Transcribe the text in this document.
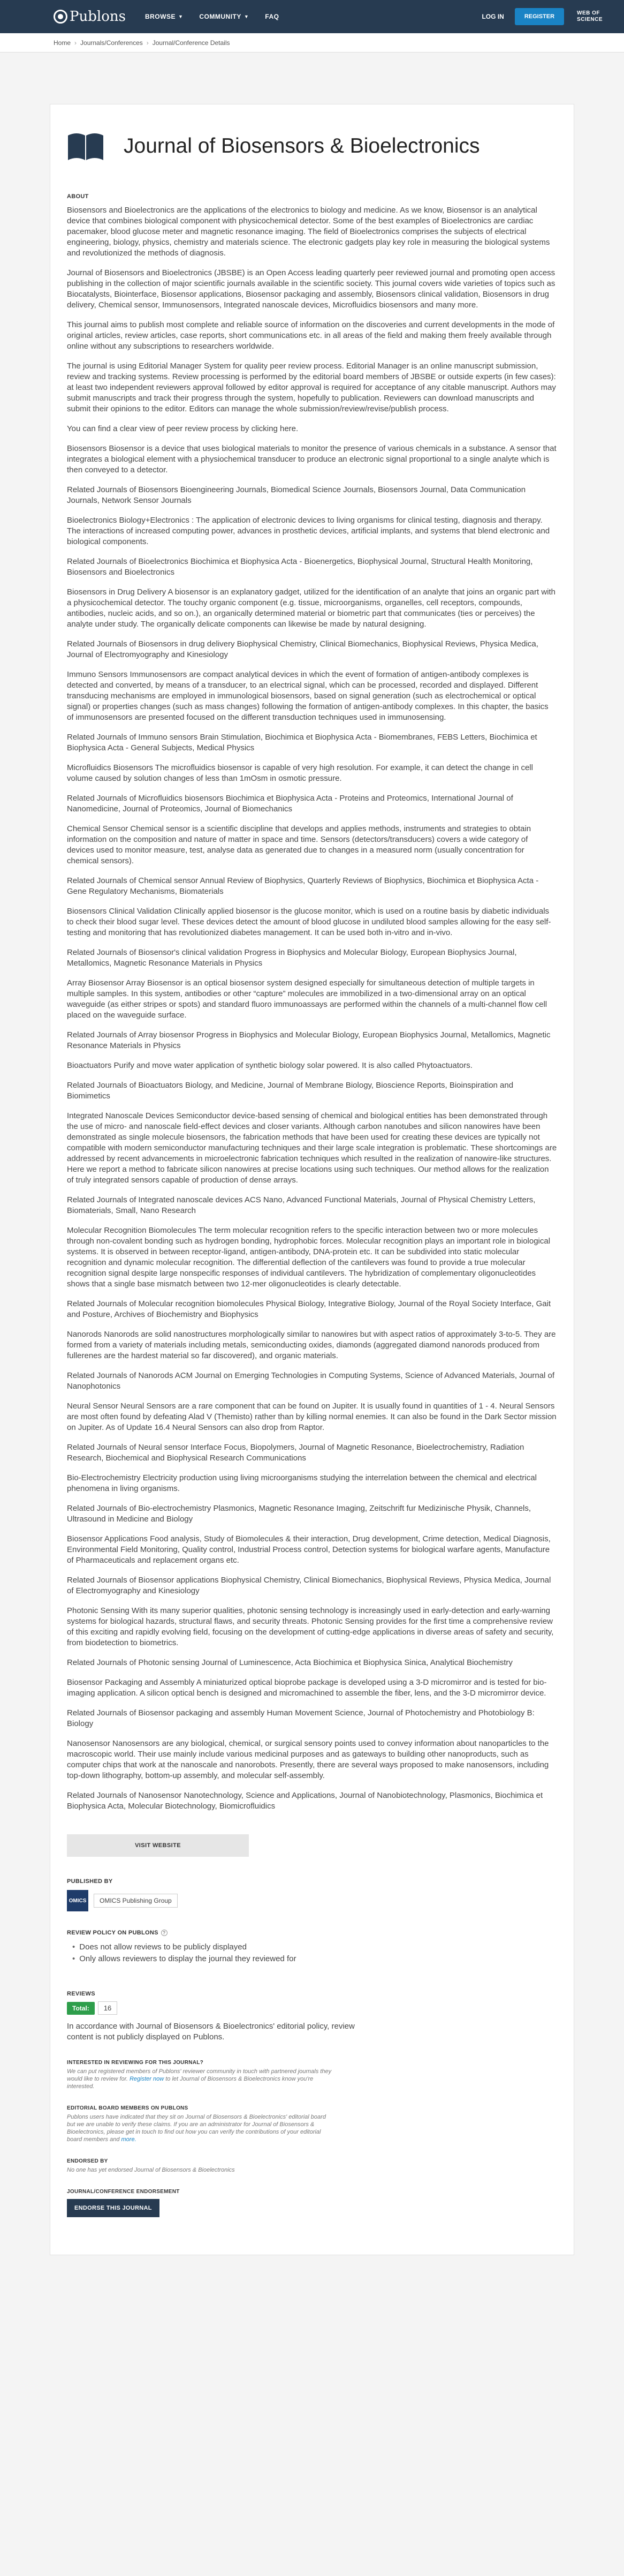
Publons	BROWSE ▼	COMMUNITY ▼	FAQ	LOG IN	REGISTER
WEB OF
SCIENCE
Home › Journals/Conferences › Journal/Conference Details
Journal of Biosensors & Bioelectronics
ABOUT

Biosensors and Bioelectronics are the applications of the electronics to biology and medicine. As we know, Biosensor is an analytical device that combines biological component with physicochemical detector. Some of the best examples of Bioelectronics are cardiac pacemaker, blood glucose meter and magnetic resonance imaging. The field of Bioelectronics comprises the subjects of electrical engineering, biology, physics, chemistry and materials science. The electronic gadgets play key role in measuring the biological systems and revolutionized the methods of diagnosis.

Journal of Biosensors and Bioelectronics (JBSBE) is an Open Access leading quarterly peer reviewed journal and promoting open access publishing in the collection of major scientific journals available in the scientific society. This journal covers wide varieties of topics such as Biocatalysts, Biointerface, Biosensor applications, Biosensor packaging and assembly, Biosensors clinical validation, Biosensors in drug delivery, Chemical sensor, Immunosensors, Integrated nanoscale devices, Microfluidics biosensors and many more.

This journal aims to publish most complete and reliable source of information on the discoveries and current developments in the mode of original articles, review articles, case reports, short communications etc. in all areas of the field and making them freely available through online without any subscriptions to researchers worldwide.

The journal is using Editorial Manager System for quality peer review process. Editorial Manager is an online manuscript submission, review and tracking systems. Review processing is performed by the editorial board members of JBSBE or outside experts (in few cases): at least two independent reviewers approval followed by editor approval is required for acceptance of any citable manuscript. Authors may submit manuscripts and track their progress through the system, hopefully to publication. Reviewers can download manuscripts and submit their opinions to the editor. Editors can manage the whole submission/review/revise/publish process.

You can find a clear view of peer review process by clicking here.

Biosensors Biosensor is a device that uses biological materials to monitor the presence of various chemicals in a substance. A sensor that integrates a biological element with a physiochemical transducer to produce an electronic signal proportional to a single analyte which is then conveyed to a detector.

Related Journals of Biosensors Bioengineering Journals, Biomedical Science Journals, Biosensors Journal, Data Communication Journals, Network Sensor Journals

Bioelectronics Biology+Electronics : The application of electronic devices to living organisms for clinical testing, diagnosis and therapy. The interactions of increased computing power, advances in prosthetic devices, artificial implants, and systems that blend electronic and biological components.

Related Journals of Bioelectronics Biochimica et Biophysica Acta - Bioenergetics, Biophysical Journal, Structural Health Monitoring, Biosensors and Bioelectronics

Biosensors in Drug Delivery A biosensor is an explanatory gadget, utilized for the identification of an analyte that joins an organic part with a physicochemical detector. The touchy organic component (e.g. tissue, microorganisms, organelles, cell receptors, compounds, antibodies, nucleic acids, and so on.), an organically determined material or biometric part that communicates (ties or perceives) the analyte under study. The organically delicate components can likewise be made by natural designing.

Related Journals of Biosensors in drug delivery Biophysical Chemistry, Clinical Biomechanics, Biophysical Reviews, Physica Medica, Journal of Electromyography and Kinesiology

Immuno Sensors Immunosensors are compact analytical devices in which the event of formation of antigen-antibody complexes is detected and converted, by means of a transducer, to an electrical signal, which can be processed, recorded and displayed. Different transducing mechanisms are employed in immunological biosensors, based on signal generation (such as electrochemical or optical signal) or properties changes (such as mass changes) following the formation of antigen-antibody complexes. In this chapter, the basics of immunosensors are presented focused on the different transduction techniques used in immunosensing.

Related Journals of Immuno sensors Brain Stimulation, Biochimica et Biophysica Acta - Biomembranes, FEBS Letters, Biochimica et Biophysica Acta - General Subjects, Medical Physics

Microfluidics Biosensors The microfluidics biosensor is capable of very high resolution. For example, it can detect the change in cell volume caused by solution changes of less than 1mOsm in osmotic pressure.

Related Journals of Microfluidics biosensors Biochimica et Biophysica Acta - Proteins and Proteomics, International Journal of Nanomedicine, Journal of Proteomics, Journal of Biomechanics

Chemical Sensor Chemical sensor is a scientific discipline that develops and applies methods, instruments and strategies to obtain information on the composition and nature of matter in space and time. Sensors (detectors/transducers) covers a wide category of devices used to monitor measure, test, analyse data as generated due to changes in a measured norm (usually concentration for chemical sensors).

Related Journals of Chemical sensor Annual Review of Biophysics, Quarterly Reviews of Biophysics, Biochimica et Biophysica Acta - Gene Regulatory Mechanisms, Biomaterials

Biosensors Clinical Validation Clinically applied biosensor is the glucose monitor, which is used on a routine basis by diabetic individuals to check their blood sugar level. These devices detect the amount of blood glucose in undiluted blood samples allowing for the easy self-testing and monitoring that has revolutionized diabetes management. It can be used both in-vitro and in-vivo.

Related Journals of Biosensor's clinical validation Progress in Biophysics and Molecular Biology, European Biophysics Journal, Metallomics, Magnetic Resonance Materials in Physics

Array Biosensor Array Biosensor is an optical biosensor system designed especially for simultaneous detection of multiple targets in multiple samples. In this system, antibodies or other “capture” molecules are immobilized in a two-dimensional array on an optical waveguide (as either stripes or spots) and standard fluoro immunoassays are performed within the channels of a multi-channel flow cell placed on the waveguide surface.

Related Journals of Array biosensor Progress in Biophysics and Molecular Biology, European Biophysics Journal, Metallomics, Magnetic Resonance Materials in Physics

Bioactuators Purify and move water application of synthetic biology solar powered. It is also called Phytoactuators.

Related Journals of Bioactuators Biology, and Medicine, Journal of Membrane Biology, Bioscience Reports, Bioinspiration and Biomimetics

Integrated Nanoscale Devices Semiconductor device-based sensing of chemical and biological entities has been demonstrated through the use of micro- and nanoscale field-effect devices and closer variants. Although carbon nanotubes and silicon nanowires have been demonstrated as single molecule biosensors, the fabrication methods that have been used for creating these devices are typically not compatible with modern semiconductor manufacturing techniques and their large scale integration is problematic. These shortcomings are addressed by recent advancements in microelectronic fabrication techniques which resulted in the realization of nanowire-like structures. Here we report a method to fabricate silicon nanowires at precise locations using such techniques. Our method allows for the realization of truly integrated sensors capable of production of dense arrays.

Related Journals of Integrated nanoscale devices ACS Nano, Advanced Functional Materials, Journal of Physical Chemistry Letters, Biomaterials, Small, Nano Research

Molecular Recognition Biomolecules The term molecular recognition refers to the specific interaction between two or more molecules through non-covalent bonding such as hydrogen bonding, hydrophobic forces. Molecular recognition plays an important role in biological systems. It is observed in between receptor-ligand, antigen-antibody, DNA-protein etc. It can be subdivided into static molecular recognition and dynamic molecular recognition. The differential deflection of the cantilevers was found to provide a true molecular recognition signal despite large nonspecific responses of individual cantilevers. The hybridization of complementary oligonucleotides shows that a single base mismatch between two 12-mer oligonucleotides is clearly detectable.

Related Journals of Molecular recognition biomolecules Physical Biology, Integrative Biology, Journal of the Royal Society Interface, Gait and Posture, Archives of Biochemistry and Biophysics

Nanorods Nanorods are solid nanostructures morphologically similar to nanowires but with aspect ratios of approximately 3-to-5. They are formed from a variety of materials including metals, semiconducting oxides, diamonds (aggregated diamond nanorods produced from fullerenes are the hardest material so far discovered), and organic materials.

Related Journals of Nanorods ACM Journal on Emerging Technologies in Computing Systems, Science of Advanced Materials, Journal of Nanophotonics

Neural Sensor Neural Sensors are a rare component that can be found on Jupiter. It is usually found in quantities of 1 - 4. Neural Sensors are most often found by defeating Alad V (Themisto) rather than by killing normal enemies. It can also be found in the Dark Sector mission on Jupiter. As of Update 16.4 Neural Sensors can also drop from Raptor.

Related Journals of Neural sensor Interface Focus, Biopolymers, Journal of Magnetic Resonance, Bioelectrochemistry, Radiation Research, Biochemical and Biophysical Research Communications

Bio-Electrochemistry Electricity production using living microorganisms studying the interrelation between the chemical and electrical phenomena in living organisms.

Related Journals of Bio-electrochemistry Plasmonics, Magnetic Resonance Imaging, Zeitschrift fur Medizinische Physik, Channels, Ultrasound in Medicine and Biology

Biosensor Applications Food analysis, Study of Biomolecules & their interaction, Drug development, Crime detection, Medical Diagnosis, Environmental Field Monitoring, Quality control, Industrial Process control, Detection systems for biological warfare agents, Manufacture of Pharmaceuticals and replacement organs etc.

Related Journals of Biosensor applications Biophysical Chemistry, Clinical Biomechanics, Biophysical Reviews, Physica Medica, Journal of Electromyography and Kinesiology

Photonic Sensing With its many superior qualities, photonic sensing technology is increasingly used in early-detection and early-warning systems for biological hazards, structural flaws, and security threats. Photonic Sensing provides for the first time a comprehensive review of this exciting and rapidly evolving field, focusing on the development of cutting-edge applications in diverse areas of safety and security, from biodetection to biometrics.

Related Journals of Photonic sensing Journal of Luminescence, Acta Biochimica et Biophysica Sinica, Analytical Biochemistry

Biosensor Packaging and Assembly A miniaturized optical bioprobe package is developed using a 3-D micromirror and is tested for bio-imaging application. A silicon optical bench is designed and micromachined to assemble the fiber, lens, and the 3-D micromirror device.

Related Journals of Biosensor packaging and assembly Human Movement Science, Journal of Photochemistry and Photobiology B: Biology

Nanosensor Nanosensors are any biological, chemical, or surgical sensory points used to convey information about nanoparticles to the macroscopic world. Their use mainly include various medicinal purposes and as gateways to building other nanoproducts, such as computer chips that work at the nanoscale and nanorobots. Presently, there are several ways proposed to make nanosensors, including top-down lithography, bottom-up assembly, and molecular self-assembly.

Related Journals of Nanosensor Nanotechnology, Science and Applications, Journal of Nanobiotechnology, Plasmonics, Biochimica et Biophysica Acta, Molecular Biotechnology, Biomicrofluidics

VISIT WEBSITE
PUBLISHED BY
OMICS	OMICS Publishing Group
REVIEW POLICY ON PUBLONS ?
• Does not allow reviews to be publicly displayed
• Only allows reviewers to display the journal they reviewed for
REVIEWS
Total:	16

In accordance with Journal of Biosensors & Bioelectronics' editorial policy, review content is not publicly displayed on Publons.

INTERESTED IN REVIEWING FOR THIS JOURNAL?

We can put registered members of Publons' reviewer community in touch with partnered journals they would like to review for. Register now to let Journal of Biosensors & Bioelectronics know you're interested.

EDITORIAL BOARD MEMBERS ON PUBLONS

Publons users have indicated that they sit on Journal of Biosensors & Bioelectronics' editorial board but we are unable to verify these claims. If you are an administrator for Journal of Biosensors & Bioelectronics, please get in touch to find out how you can verify the contributions of your editorial board members and more.

ENDORSED BY

No one has yet endorsed Journal of Biosensors & Bioelectronics

JOURNAL/CONFERENCE ENDORSEMENT
ENDORSE THIS JOURNAL
